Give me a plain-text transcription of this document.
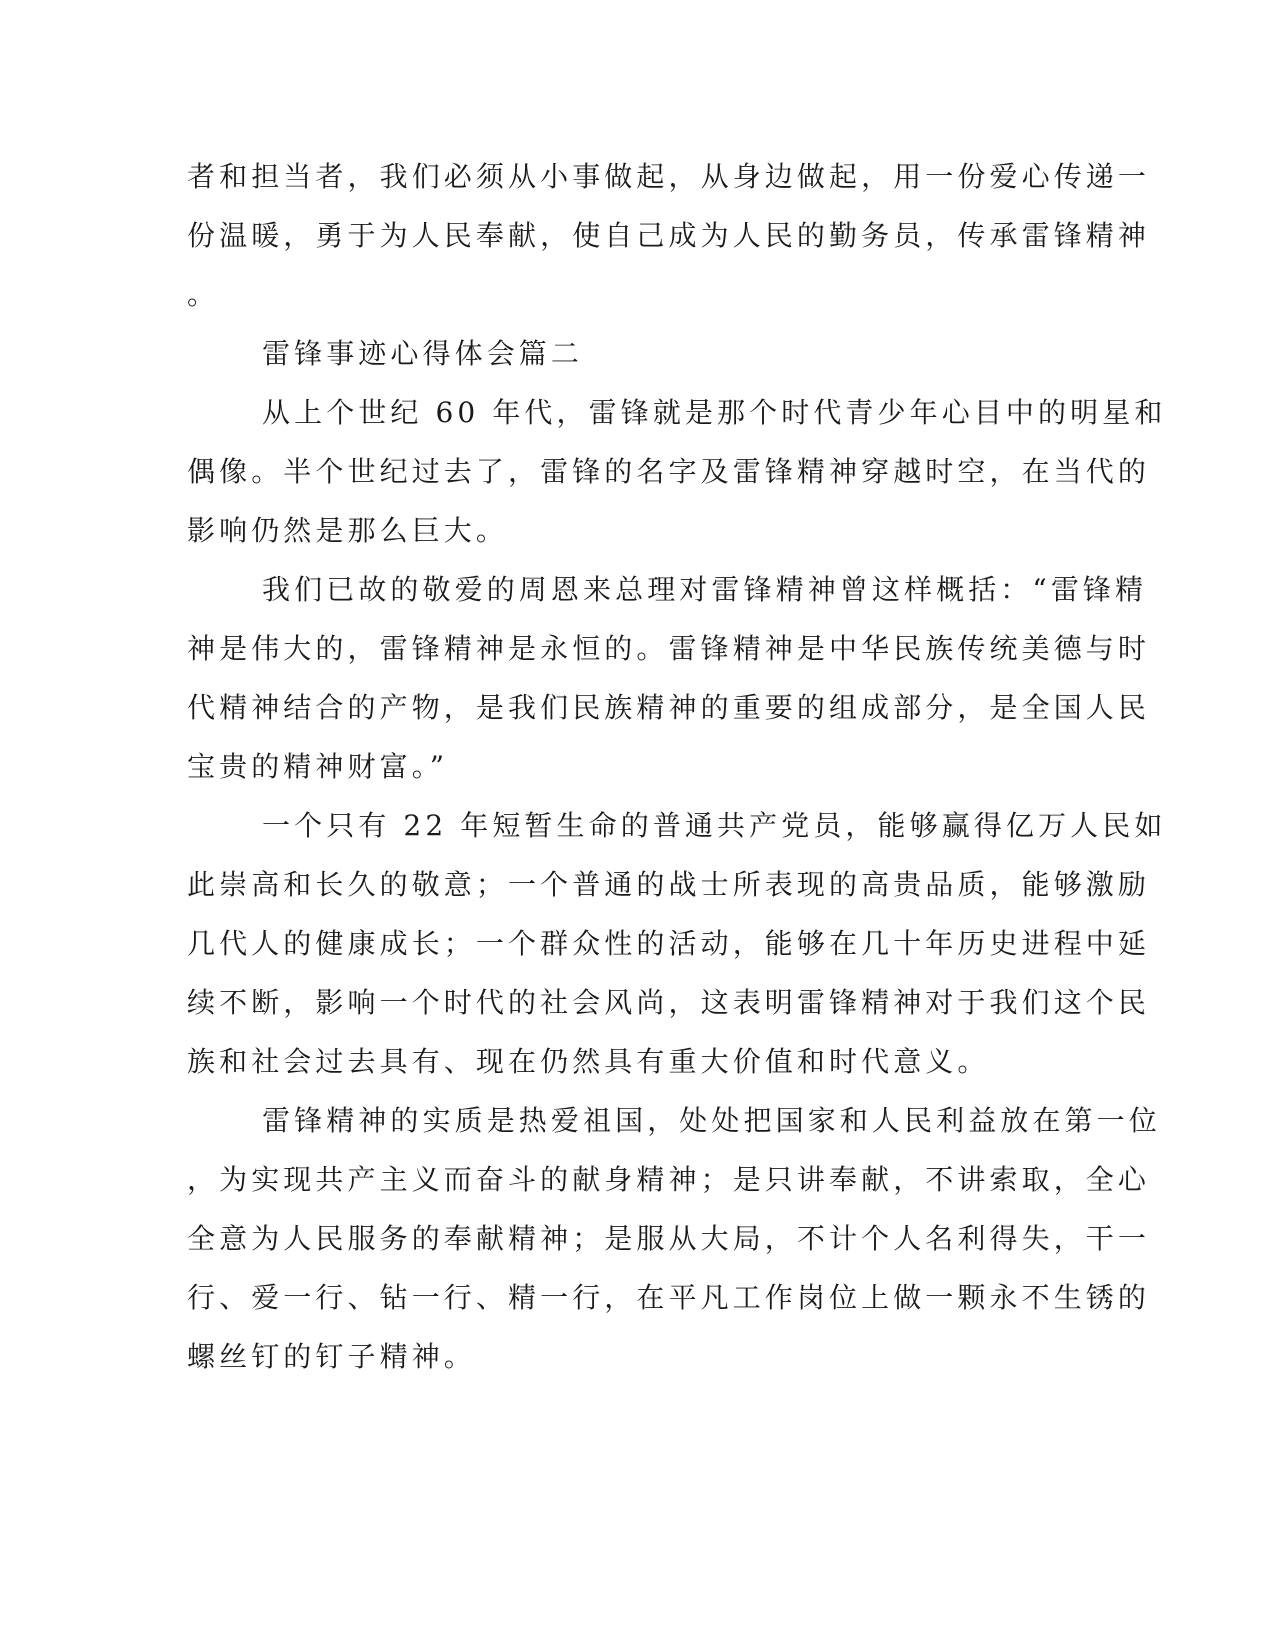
者和担当者，我们必须从小事做起，从身边做起，用一份爱心传递一
份温暖，勇于为人民奉献，使自己成为人民的勤务员，传承雷锋精神
。
雷锋事迹心得体会篇二
从上个世纪 60 年代，雷锋就是那个时代青少年心目中的明星和
偶像。半个世纪过去了，雷锋的名字及雷锋精神穿越时空，在当代的
影响仍然是那么巨大。
我们已故的敬爱的周恩来总理对雷锋精神曾这样概括：“雷锋精
神是伟大的，雷锋精神是永恒的。雷锋精神是中华民族传统美德与时
代精神结合的产物，是我们民族精神的重要的组成部分，是全国人民
宝贵的精神财富。”
一个只有 22 年短暂生命的普通共产党员，能够赢得亿万人民如
此崇高和长久的敬意；一个普通的战士所表现的高贵品质，能够激励
几代人的健康成长；一个群众性的活动，能够在几十年历史进程中延
续不断，影响一个时代的社会风尚，这表明雷锋精神对于我们这个民
族和社会过去具有、现在仍然具有重大价值和时代意义。
雷锋精神的实质是热爱祖国，处处把国家和人民利益放在第一位
，为实现共产主义而奋斗的献身精神；是只讲奉献，不讲索取，全心
全意为人民服务的奉献精神；是服从大局，不计个人名利得失，干一
行、爱一行、钻一行、精一行，在平凡工作岗位上做一颗永不生锈的
螺丝钉的钉子精神。
